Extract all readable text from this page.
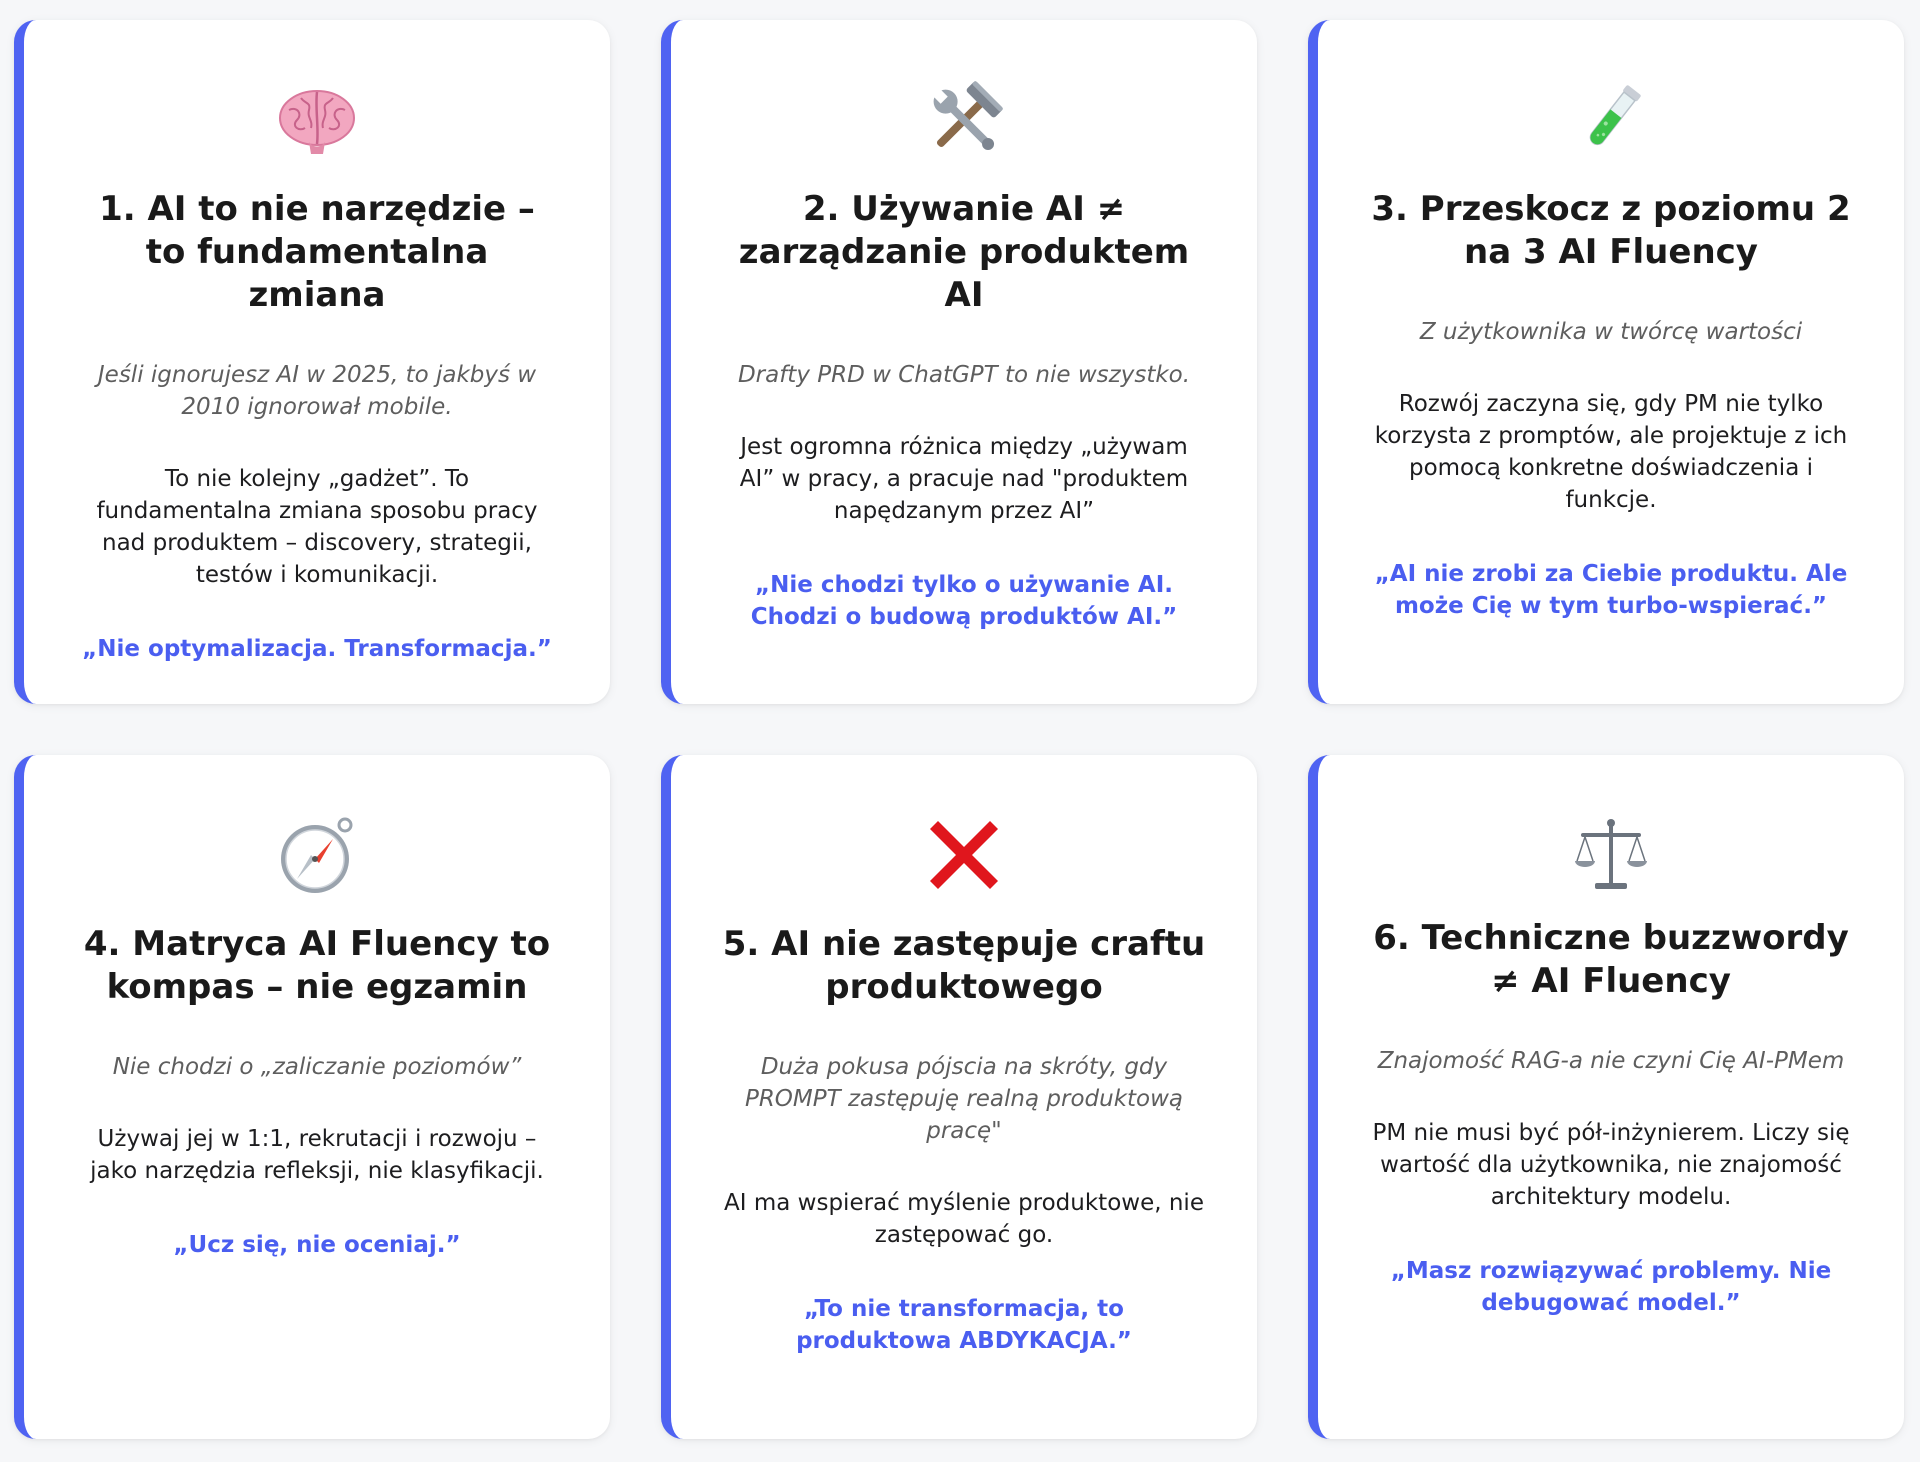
1. AI to nie narzędzie – to fundamentalna zmiana
Jeśli ignorujesz AI w 2025, to jakbyś w 2010 ignorował mobile.
To nie kolejny „gadżet”. To fundamentalna zmiana sposobu pracy nad produktem – discovery, strategii, testów i komunikacji.
„Nie optymalizacja. Transformacja.”
2. Używanie AI ≠ zarządzanie produktem AI
Drafty PRD w ChatGPT to nie wszystko.
Jest ogromna różnica między „używam AI” w pracy, a pracuje nad "produktem napędzanym przez AI”
„Nie chodzi tylko o używanie AI. Chodzi o budową produktów AI.”
3. Przeskocz z poziomu 2 na 3 AI Fluency
Z użytkownika w twórcę wartości
Rozwój zaczyna się, gdy PM nie tylko korzysta z promptów, ale projektuje z ich pomocą konkretne doświadczenia i funkcje.
„AI nie zrobi za Ciebie produktu. Ale może Cię w tym turbo-wspierać.”
4. Matryca AI Fluency to kompas – nie egzamin
Nie chodzi o „zaliczanie poziomów”
Używaj jej w 1:1, rekrutacji i rozwoju – jako narzędzia refleksji, nie klasyfikacji.
„Ucz się, nie oceniaj.”
5. AI nie zastępuje craftu produktowego
Duża pokusa pójscia na skróty, gdy PROMPT zastępuję realną produktową pracę"
AI ma wspierać myślenie produktowe, nie zastępować go.
„To nie transformacja, to produktowa ABDYKACJA.”
6. Techniczne buzzwordy ≠ AI Fluency
Znajomość RAG-a nie czyni Cię AI-PMem
PM nie musi być pół-inżynierem. Liczy się wartość dla użytkownika, nie znajomość architektury modelu.
„Masz rozwiązywać problemy. Nie debugować model.”
